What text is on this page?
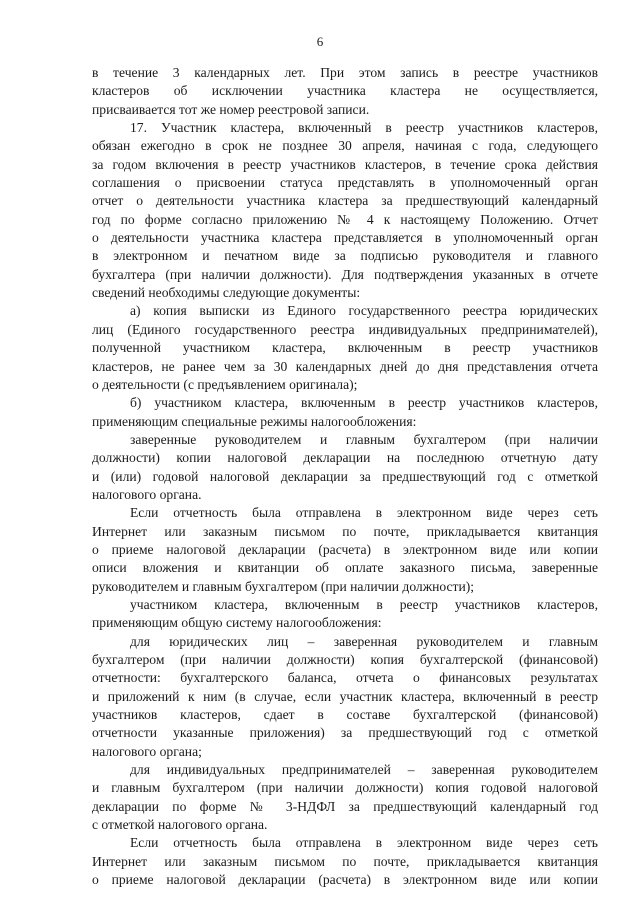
6
в течение 3 календарных лет. При этом запись в реестре участников
кластеров об исключении участника кластера не осуществляется,
присваивается тот же номер реестровой записи.
17. Участник кластера, включенный в реестр участников кластеров,
обязан ежегодно в срок не позднее 30 апреля, начиная с года, следующего
за годом включения в реестр участников кластеров, в течение срока действия
соглашения о присвоении статуса представлять в уполномоченный орган
отчет о деятельности участника кластера за предшествующий календарный
год по форме согласно приложению № 4 к настоящему Положению. Отчет
о деятельности участника кластера представляется в уполномоченный орган
в электронном и печатном виде за подписью руководителя и главного
бухгалтера (при наличии должности). Для подтверждения указанных в отчете
сведений необходимы следующие документы:
а) копия выписки из Единого государственного реестра юридических
лиц (Единого государственного реестра индивидуальных предпринимателей),
полученной участником кластера, включенным в реестр участников
кластеров, не ранее чем за 30 календарных дней до дня представления отчета
о деятельности (с предъявлением оригинала);
б) участником кластера, включенным в реестр участников кластеров,
применяющим специальные режимы налогообложения:
заверенные руководителем и главным бухгалтером (при наличии
должности) копии налоговой декларации на последнюю отчетную дату
и (или) годовой налоговой декларации за предшествующий год с отметкой
налогового органа.
Если отчетность была отправлена в электронном виде через сеть
Интернет или заказным письмом по почте, прикладывается квитанция
о приеме налоговой декларации (расчета) в электронном виде или копии
описи вложения и квитанции об оплате заказного письма, заверенные
руководителем и главным бухгалтером (при наличии должности);
участником кластера, включенным в реестр участников кластеров,
применяющим общую систему налогообложения:
для юридических лиц – заверенная руководителем и главным
бухгалтером (при наличии должности) копия бухгалтерской (финансовой)
отчетности: бухгалтерского баланса, отчета о финансовых результатах
и приложений к ним (в случае, если участник кластера, включенный в реестр
участников кластеров, сдает в составе бухгалтерской (финансовой)
отчетности указанные приложения) за предшествующий год с отметкой
налогового органа;
для индивидуальных предпринимателей – заверенная руководителем
и главным бухгалтером (при наличии должности) копия годовой налоговой
декларации по форме № 3-НДФЛ за предшествующий календарный год
с отметкой налогового органа.
Если отчетность была отправлена в электронном виде через сеть
Интернет или заказным письмом по почте, прикладывается квитанция
о приеме налоговой декларации (расчета) в электронном виде или копии
